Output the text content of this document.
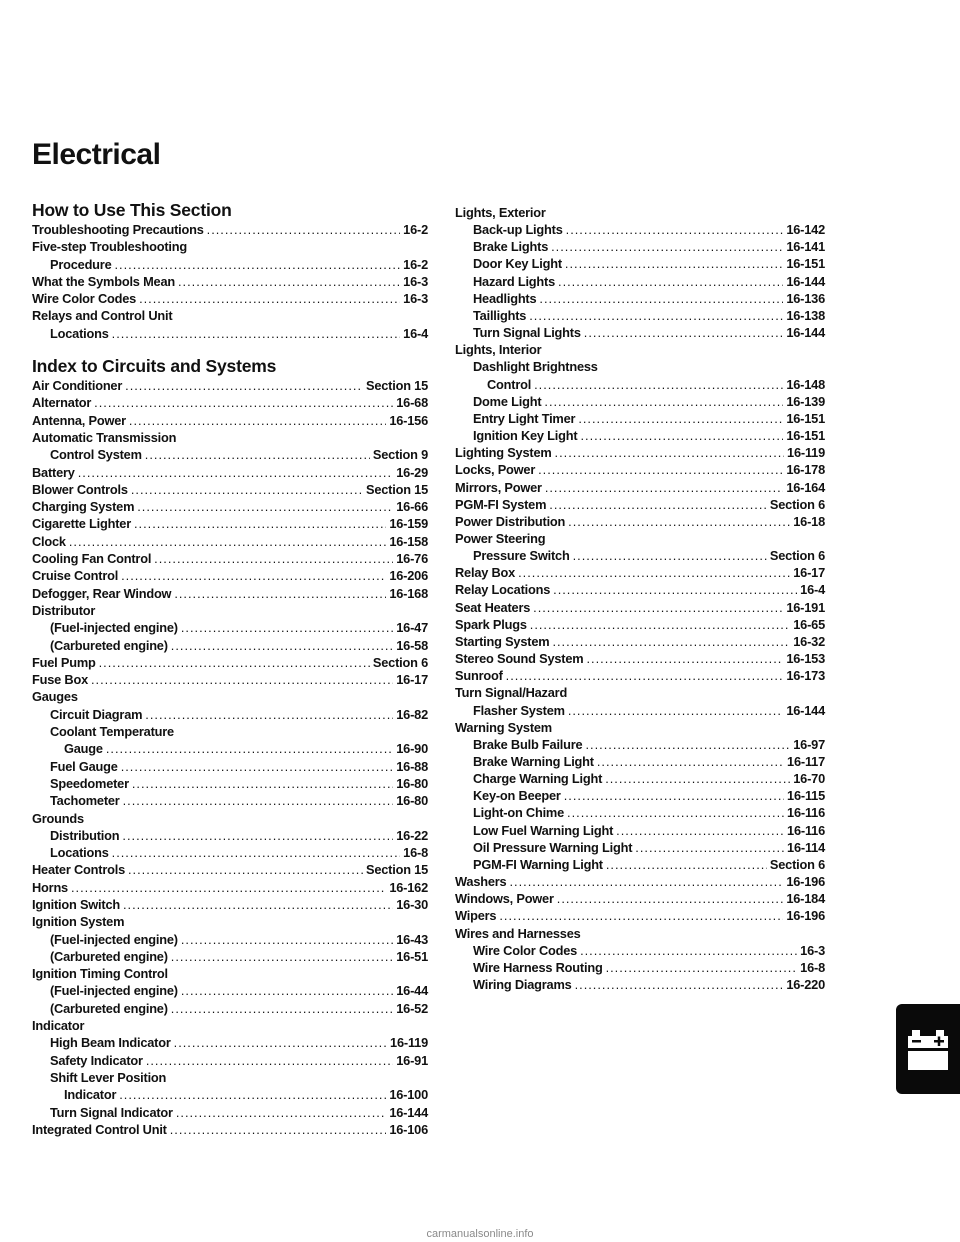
Electrical
How to Use This Section
Troubleshooting Precautions .....	16-2
Five-step Troubleshooting
Procedure .....	16-2
What the Symbols Mean .....	16-3
Wire Color Codes .....	16-3
Relays and Control Unit
Locations .....	16-4
Index to Circuits and Systems
Air Conditioner .....	Section 15
Alternator .....	16-68
Antenna, Power .....	16-156
Automatic Transmission
Control System .....	Section 9
Battery .....	16-29
Blower Controls .....	Section 15
Charging System .....	16-66
Cigarette Lighter .....	16-159
Clock .....	16-158
Cooling Fan Control .....	16-76
Cruise Control .....	16-206
Defogger, Rear Window .....	16-168
Distributor
(Fuel-injected engine) .....	16-47
(Carbureted engine) .....	16-58
Fuel Pump .....	Section 6
Fuse Box .....	16-17
Gauges
Circuit Diagram .....	16-82
Coolant Temperature
Gauge .....	16-90
Fuel Gauge .....	16-88
Speedometer .....	16-80
Tachometer .....	16-80
Grounds
Distribution .....	16-22
Locations .....	16-8
Heater Controls .....	Section 15
Horns .....	16-162
Ignition Switch .....	16-30
Ignition System
(Fuel-injected engine) .....	16-43
(Carbureted engine) .....	16-51
Ignition Timing Control
(Fuel-injected engine) .....	16-44
(Carbureted engine) .....	16-52
Indicator
High Beam Indicator .....	16-119
Safety Indicator .....	16-91
Shift Lever Position
Indicator .....	16-100
Turn Signal Indicator .....	16-144
Integrated Control Unit .....	16-106
Lights, Exterior
Back-up Lights .....	16-142
Brake Lights .....	16-141
Door Key Light .....	16-151
Hazard Lights .....	16-144
Headlights .....	16-136
Taillights .....	16-138
Turn Signal Lights .....	16-144
Lights, Interior
Dashlight Brightness
Control .....	16-148
Dome Light .....	16-139
Entry Light Timer .....	16-151
Ignition Key Light .....	16-151
Lighting System .....	16-119
Locks, Power .....	16-178
Mirrors, Power .....	16-164
PGM-FI System .....	Section 6
Power Distribution .....	16-18
Power Steering
Pressure Switch .....	Section 6
Relay Box .....	16-17
Relay Locations .....	16-4
Seat Heaters .....	16-191
Spark Plugs .....	16-65
Starting System .....	16-32
Stereo Sound System .....	16-153
Sunroof .....	16-173
Turn Signal/Hazard
Flasher System .....	16-144
Warning System
Brake Bulb Failure .....	16-97
Brake Warning Light .....	16-117
Charge Warning Light .....	16-70
Key-on Beeper .....	16-115
Light-on Chime .....	16-116
Low Fuel Warning Light .....	16-116
Oil Pressure Warning Light .....	16-114
PGM-FI Warning Light .....	Section 6
Washers .....	16-196
Windows, Power .....	16-184
Wipers .....	16-196
Wires and Harnesses
Wire Color Codes .....	16-3
Wire Harness Routing .....	16-8
Wiring Diagrams .....	16-220
carmanualsonline.info
